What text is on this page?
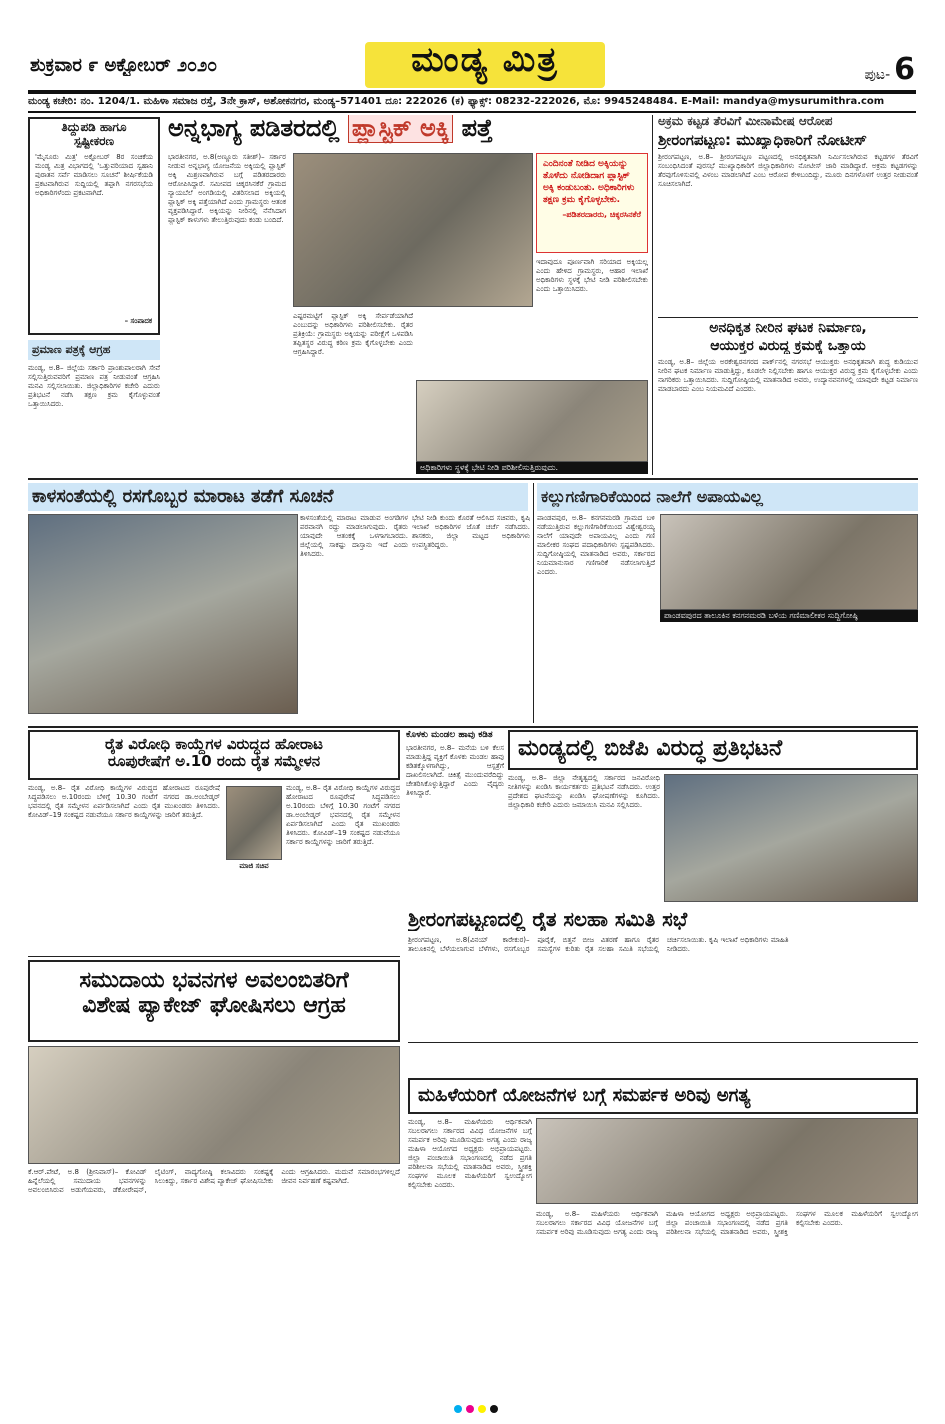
ಶುಕ್ರವಾರ ೯ ಅಕ್ಟೋಬರ್ ೨೦೨೦	ಮಂಡ್ಯ ಮಿತ್ರ	ಪುಟ- 6
ಮಂಡ್ಯ ಕಚೇರಿ: ನಂ. 1204/1. ಮಹಿಳಾ ಸಮಾಜ ರಸ್ತೆ, 3ನೇ ಕ್ರಾಸ್, ಅಶೋಕನಗರ, ಮಂಡ್ಯ–571401 ದೂ: 222026 (ಕ) ಫ್ಯಾಕ್ಸ್: 08232-222026, ಮೊ: 9945248484. E-Mail: mandya@mysurumithra.com
ತಿದ್ದುಪಡಿ ಹಾಗೂ
ಸ್ಪಷ್ಟೀಕರಣ
'ಮೈಸೂರು ಮಿತ್ರ' ಅಕ್ಟೋಬರ್ 8ರ ಸಂಚಿಕೆಯ ಮಂಡ್ಯ ಮಿತ್ರ ವಿಭಾಗದಲ್ಲಿ 'ಒತ್ತುವರಿಯಾದ ಸ್ವಹಾನಿ ಪುರಾತನ ಸರ್ವೆ ಮಾಡಿಸಲು ಸೂಚನೆ' ಶೀರ್ಷಿಕೆಯಡಿ ಪ್ರಕಟವಾಗಿರುವ ಸುದ್ದಿಯಲ್ಲಿ ತಪ್ಪಾಗಿ ನಗರಸಭೆಯ ಅಧಿಕಾರಿಗಳೆಂದು ಪ್ರಕಟವಾಗಿದೆ.
– ಸಂಪಾದಕ
ಪ್ರಮಾಣ ಪತ್ರಕ್ಕೆ ಆಗ್ರಹ
ಮಂಡ್ಯ, ಅ.8– ಜಿಲ್ಲೆಯ ಸರ್ಕಾರಿ ಪ್ರಾಂಶುಪಾಲರಾಗಿ ಸೇವೆ ಸಲ್ಲಿಸುತ್ತಿರುವವರಿಗೆ ಪ್ರಮಾಣ ಪತ್ರ ನೀಡುವಂತೆ ಆಗ್ರಹಿಸಿ ಮನವಿ ಸಲ್ಲಿಸಲಾಯಿತು. ಜಿಲ್ಲಾಧಿಕಾರಿಗಳ ಕಚೇರಿ ಎದುರು ಪ್ರತಿಭಟನೆ ನಡೆಸಿ ತಕ್ಷಣ ಕ್ರಮ ಕೈಗೊಳ್ಳುವಂತೆ ಒತ್ತಾಯಿಸಿದರು.
ಅನ್ನಭಾಗ್ಯ ಪಡಿತರದಲ್ಲಿ ಪ್ಲಾಸ್ಟಿಕ್ ಅಕ್ಕಿ ಪತ್ತೆ
ಭಾರತೀನಗರ, ಅ.8(ಅಣ್ಣೂರು ಸತೀಶ್)– ಸರ್ಕಾರ ನೀಡುವ ಅನ್ನಭಾಗ್ಯ ಯೋಜನೆಯ ಅಕ್ಕಿಯಲ್ಲಿ ಪ್ಲಾಸ್ಟಿಕ್ ಅಕ್ಕಿ ಮಿಶ್ರಣವಾಗಿರುವ ಬಗ್ಗೆ ಪಡಿತರದಾರರು ಆರೋಪಿಸಿದ್ದಾರೆ. ಸಮೀಪದ ಚಿಕ್ಕರಸಿನಕೆರೆ ಗ್ರಾಮದ ನ್ಯಾಯಬೆಲೆ ಅಂಗಡಿಯಲ್ಲಿ ವಿತರಿಸಲಾದ ಅಕ್ಕಿಯಲ್ಲಿ ಪ್ಲಾಸ್ಟಿಕ್ ಅಕ್ಕಿ ಪತ್ತೆಯಾಗಿದೆ ಎಂದು ಗ್ರಾಮಸ್ಥರು ಆತಂಕ ವ್ಯಕ್ತಪಡಿಸಿದ್ದಾರೆ. ಅಕ್ಕಿಯನ್ನು ನೀರಿನಲ್ಲಿ ನೆನೆಸಿದಾಗ ಪ್ಲಾಸ್ಟಿಕ್ ಕಾಳುಗಳು ತೇಲುತ್ತಿರುವುದು ಕಂಡು ಬಂದಿದೆ.
ಎಂದಿನಂತೆ ನೀಡಿದ ಅಕ್ಕಿಯನ್ನು ತೊಳೆದು ನೋಡಿದಾಗ ಪ್ಲಾಸ್ಟಿಕ್ ಅಕ್ಕಿ ಕಂಡುಬಂತು. ಅಧಿಕಾರಿಗಳು ತಕ್ಷಣ ಕ್ರಮ ಕೈಗೊಳ್ಳಬೇಕು.
–ಪಡಿತರದಾರರು, ಚಿಕ್ಕರಸಿನಕೆರೆ
ಇದಾವುದೂ ಪೂರ್ಣವಾಗಿ ಸರಿಯಾದ ಅಕ್ಕಿಯಲ್ಲ ಎಂದು ಹೇಳಿದ ಗ್ರಾಮಸ್ಥರು, ಆಹಾರ ಇಲಾಖೆ ಅಧಿಕಾರಿಗಳು ಸ್ಥಳಕ್ಕೆ ಭೇಟಿ ನೀಡಿ ಪರಿಶೀಲಿಸಬೇಕು ಎಂದು ಒತ್ತಾಯಿಸಿದರು.
ಎಷ್ಟರಮಟ್ಟಿಗೆ ಪ್ಲಾಸ್ಟಿಕ್ ಅಕ್ಕಿ ಸೇರ್ಪಡೆಯಾಗಿದೆ ಎಂಬುದನ್ನು ಅಧಿಕಾರಿಗಳು ಪರಿಶೀಲಿಸಬೇಕು. ರೈತರ ಪ್ರತಿಕ್ರಿಯೆ: ಗ್ರಾಮಸ್ಥರು ಅಕ್ಕಿಯನ್ನು ಪರೀಕ್ಷೆಗೆ ಒಳಪಡಿಸಿ ತಪ್ಪಿತಸ್ಥರ ವಿರುದ್ಧ ಕಠಿಣ ಕ್ರಮ ಕೈಗೊಳ್ಳಬೇಕು ಎಂದು ಆಗ್ರಹಿಸಿದ್ದಾರೆ.
ಅಧಿಕಾರಿಗಳು ಸ್ಥಳಕ್ಕೆ ಭೇಟಿ ನೀಡಿ ಪರಿಶೀಲಿಸುತ್ತಿರುವುದು.
ಅಕ್ರಮ ಕಟ್ಟಡ ತೆರವಿಗೆ ಮೀನಾಮೇಷ ಆರೋಪ
ಶ್ರೀರಂಗಪಟ್ಟಣ: ಮುಖ್ಯಾಧಿಕಾರಿಗೆ ನೋಟೀಸ್
ಶ್ರೀರಂಗಪಟ್ಟಣ, ಅ.8– ಶ್ರೀರಂಗಪಟ್ಟಣ ಪಟ್ಟಣದಲ್ಲಿ ಅನಧಿಕೃತವಾಗಿ ನಿರ್ಮಿಸಲಾಗಿರುವ ಕಟ್ಟಡಗಳ ತೆರವಿಗೆ ಸಂಬಂಧಿಸಿದಂತೆ ಪುರಸಭೆ ಮುಖ್ಯಾಧಿಕಾರಿಗೆ ಜಿಲ್ಲಾಧಿಕಾರಿಗಳು ನೋಟೀಸ್ ಜಾರಿ ಮಾಡಿದ್ದಾರೆ. ಅಕ್ರಮ ಕಟ್ಟಡಗಳನ್ನು ತೆರವುಗೊಳಿಸುವಲ್ಲಿ ವಿಳಂಬ ಮಾಡಲಾಗಿದೆ ಎಂಬ ಆರೋಪ ಕೇಳಿಬಂದಿದ್ದು, ಮೂರು ದಿನಗಳೊಳಗೆ ಉತ್ತರ ನೀಡುವಂತೆ ಸೂಚಿಸಲಾಗಿದೆ.
ಅನಧಿಕೃತ ನೀರಿನ ಘಟಕ ನಿರ್ಮಾಣ,
ಆಯುಕ್ತರ ವಿರುದ್ಧ ಕ್ರಮಕ್ಕೆ ಒತ್ತಾಯ
ಮಂಡ್ಯ, ಅ.8– ಜಿಲ್ಲೆಯ ಅರಕೇಶ್ವರನಗರದ ಪಾರ್ಕ್‌ನಲ್ಲಿ ನಗರಸಭೆ ಆಯುಕ್ತರು ಅನಧಿಕೃತವಾಗಿ ಶುದ್ಧ ಕುಡಿಯುವ ನೀರಿನ ಘಟಕ ನಿರ್ಮಾಣ ಮಾಡುತ್ತಿದ್ದು, ಕೂಡಲೇ ನಿಲ್ಲಿಸಬೇಕು ಹಾಗೂ ಆಯುಕ್ತರ ವಿರುದ್ಧ ಕ್ರಮ ಕೈಗೊಳ್ಳಬೇಕು ಎಂದು ನಾಗರಿಕರು ಒತ್ತಾಯಿಸಿದರು. ಸುದ್ದಿಗೋಷ್ಠಿಯಲ್ಲಿ ಮಾತನಾಡಿದ ಅವರು, ಉದ್ಯಾನವನಗಳಲ್ಲಿ ಯಾವುದೇ ಕಟ್ಟಡ ನಿರ್ಮಾಣ ಮಾಡಬಾರದು ಎಂಬ ನಿಯಮವಿದೆ ಎಂದರು.
ಕಾಳಸಂತೆಯಲ್ಲಿ ರಸಗೊಬ್ಬರ ಮಾರಾಟ ತಡೆಗೆ ಸೂಚನೆ
ಕಾಳಸಂತೆಯಲ್ಲಿ ಮಾರಾಟ ಮಾಡುವ ಅಂಗಡಿಗಳ ಪರವಾನಗಿ ರದ್ದು ಮಾಡಲಾಗುವುದು. ರೈತರು ಯಾವುದೇ ಆತಂಕಕ್ಕೆ ಒಳಗಾಗಬಾರದು. ಜಿಲ್ಲೆಯಲ್ಲಿ ಸಾಕಷ್ಟು ದಾಸ್ತಾನು ಇದೆ ಎಂದು ತಿಳಿಸಿದರು.
ಭೇಟಿ ನೀಡಿ ಕುಂದು ಕೊರತೆ ಆಲಿಸಿದ ಸಚಿವರು, ಕೃಷಿ ಇಲಾಖೆ ಅಧಿಕಾರಿಗಳ ಜೊತೆ ಚರ್ಚೆ ನಡೆಸಿದರು. ಶಾಸಕರು, ಜಿಲ್ಲಾ ಮಟ್ಟದ ಅಧಿಕಾರಿಗಳು ಉಪಸ್ಥಿತರಿದ್ದರು.
ಕಲ್ಲುಗಣಿಗಾರಿಕೆಯಿಂದ ನಾಲೆಗೆ ಅಪಾಯವಿಲ್ಲ
ಪಾಂಡವಪುರ, ಅ.8– ಕನಗನಮರಡಿ ಗ್ರಾಮದ ಬಳಿ ನಡೆಯುತ್ತಿರುವ ಕಲ್ಲುಗಣಿಗಾರಿಕೆಯಿಂದ ವಿಶ್ವೇಶ್ವರಯ್ಯ ನಾಲೆಗೆ ಯಾವುದೇ ಅಪಾಯವಿಲ್ಲ ಎಂದು ಗಣಿ ಮಾಲೀಕರ ಸಂಘದ ಪದಾಧಿಕಾರಿಗಳು ಸ್ಪಷ್ಟಪಡಿಸಿದರು. ಸುದ್ದಿಗೋಷ್ಠಿಯಲ್ಲಿ ಮಾತನಾಡಿದ ಅವರು, ಸರ್ಕಾರದ ನಿಯಮಾನುಸಾರ ಗಣಿಗಾರಿಕೆ ನಡೆಸಲಾಗುತ್ತಿದೆ ಎಂದರು.
ಪಾಂಡವಪುರದ ತಾಲೂಕಿನ ಕನಗನಮರಡಿ ಬಳಿಯ ಗಣಿಮಾಲೀಕರ ಸುದ್ದಿಗೋಷ್ಠಿ
ರೈತ ವಿರೋಧಿ ಕಾಯ್ದೆಗಳ ವಿರುದ್ಧದ ಹೋರಾಟ
ರೂಪುರೇಷೆಗೆ ಅ.10 ರಂದು ರೈತ ಸಮ್ಮೇಳನ
ಮಂಡ್ಯ, ಅ.8– ರೈತ ವಿರೋಧಿ ಕಾಯ್ದೆಗಳ ವಿರುದ್ಧದ ಹೋರಾಟದ ರೂಪುರೇಷೆ ಸಿದ್ಧಪಡಿಸಲು ಅ.10ರಂದು ಬೆಳಿಗ್ಗೆ 10.30 ಗಂಟೆಗೆ ನಗರದ ಡಾ.ಅಂಬೇಡ್ಕರ್ ಭವನದಲ್ಲಿ ರೈತ ಸಮ್ಮೇಳನ ಏರ್ಪಡಿಸಲಾಗಿದೆ ಎಂದು ರೈತ ಮುಖಂಡರು ತಿಳಿಸಿದರು. ಕೋವಿಡ್–19 ಸಂಕಷ್ಟದ ನಡುವೆಯೂ ಸರ್ಕಾರ ಕಾಯ್ದೆಗಳನ್ನು ಜಾರಿಗೆ ತರುತ್ತಿದೆ.
ಮಾಜಿ ಸಚಿವ
ಮಂಡ್ಯ, ಅ.8– ರೈತ ವಿರೋಧಿ ಕಾಯ್ದೆಗಳ ವಿರುದ್ಧದ ಹೋರಾಟದ ರೂಪುರೇಷೆ ಸಿದ್ಧಪಡಿಸಲು ಅ.10ರಂದು ಬೆಳಿಗ್ಗೆ 10.30 ಗಂಟೆಗೆ ನಗರದ ಡಾ.ಅಂಬೇಡ್ಕರ್ ಭವನದಲ್ಲಿ ರೈತ ಸಮ್ಮೇಳನ ಏರ್ಪಡಿಸಲಾಗಿದೆ ಎಂದು ರೈತ ಮುಖಂಡರು ತಿಳಿಸಿದರು. ಕೋವಿಡ್–19 ಸಂಕಷ್ಟದ ನಡುವೆಯೂ ಸರ್ಕಾರ ಕಾಯ್ದೆಗಳನ್ನು ಜಾರಿಗೆ ತರುತ್ತಿದೆ.
ಕೊಳಕು ಮಂಡಲ ಹಾವು ಕಡಿತ
ಭಾರತೀನಗರ, ಅ.8– ಮನೆಯ ಬಳಿ ಕೆಲಸ ಮಾಡುತ್ತಿದ್ದ ವ್ಯಕ್ತಿಗೆ ಕೊಳಕು ಮಂಡಲ ಹಾವು ಕಡಿತಕ್ಕೊಳಗಾಗಿದ್ದು, ಆಸ್ಪತ್ರೆಗೆ ದಾಖಲಿಸಲಾಗಿದೆ. ಚಿಕಿತ್ಸೆ ಮುಂದುವರೆದಿದ್ದು ಚೇತರಿಸಿಕೊಳ್ಳುತ್ತಿದ್ದಾರೆ ಎಂದು ವೈದ್ಯರು ತಿಳಿಸಿದ್ದಾರೆ.
ಮಂಡ್ಯದಲ್ಲಿ ಬಿಜೆಪಿ ವಿರುದ್ಧ ಪ್ರತಿಭಟನೆ
ಮಂಡ್ಯ, ಅ.8– ಜಿಲ್ಲಾ ನೇತೃತ್ವದಲ್ಲಿ ಸರ್ಕಾರದ ಜನವಿರೋಧಿ ನೀತಿಗಳನ್ನು ಖಂಡಿಸಿ ಕಾರ್ಯಕರ್ತರು ಪ್ರತಿಭಟನೆ ನಡೆಸಿದರು. ಉತ್ತರ ಪ್ರದೇಶದ ಘಟನೆಯನ್ನು ಖಂಡಿಸಿ ಘೋಷಣೆಗಳನ್ನು ಕೂಗಿದರು. ಜಿಲ್ಲಾಧಿಕಾರಿ ಕಚೇರಿ ಎದುರು ಜಮಾಯಿಸಿ ಮನವಿ ಸಲ್ಲಿಸಿದರು.
ಶ್ರೀರಂಗಪಟ್ಟಣದಲ್ಲಿ ರೈತ ಸಲಹಾ ಸಮಿತಿ ಸಭೆ
ಶ್ರೀರಂಗಪಟ್ಟಣ, ಅ.8(ವಿನಯ್ ಕಾರೇಕುರ)– ತಾಲೂಕಿನಲ್ಲಿ ಬೆಳೆಯಲಾಗುವ ಬೆಳೆಗಳು, ರಸಗೊಬ್ಬರ ಪೂರೈಕೆ, ಬಿತ್ತನೆ ಬೀಜ ವಿತರಣೆ ಹಾಗೂ ರೈತರ ಸಮಸ್ಯೆಗಳ ಕುರಿತು ರೈತ ಸಲಹಾ ಸಮಿತಿ ಸಭೆಯಲ್ಲಿ ಚರ್ಚಿಸಲಾಯಿತು. ಕೃಷಿ ಇಲಾಖೆ ಅಧಿಕಾರಿಗಳು ಮಾಹಿತಿ ನೀಡಿದರು.
ಸಮುದಾಯ ಭವನಗಳ ಅವಲಂಬಿತರಿಗೆ
ವಿಶೇಷ ಪ್ಯಾಕೇಜ್ ಘೋಷಿಸಲು ಆಗ್ರಹ
ಕೆ.ಆರ್.ಪೇಟೆ, ಅ.8 (ಶ್ರೀನಿವಾಸ್)– ಕೋವಿಡ್ ಹಿನ್ನೆಲೆಯಲ್ಲಿ ಸಮುದಾಯ ಭವನಗಳನ್ನು ಅವಲಂಬಿಸಿರುವ ಅಡುಗೆಯವರು, ಡೆಕೋರೇಷನ್, ಲೈಟಿಂಗ್, ವಾದ್ಯಗೋಷ್ಠಿ ಕಲಾವಿದರು ಸಂಕಷ್ಟಕ್ಕೆ ಸಿಲುಕಿದ್ದು, ಸರ್ಕಾರ ವಿಶೇಷ ಪ್ಯಾಕೇಜ್ ಘೋಷಿಸಬೇಕು ಎಂದು ಆಗ್ರಹಿಸಿದರು. ಮದುವೆ ಸಮಾರಂಭಗಳಿಲ್ಲದೆ ಜೀವನ ನಿರ್ವಹಣೆ ಕಷ್ಟವಾಗಿದೆ.
ಮಹಿಳೆಯರಿಗೆ ಯೋಜನೆಗಳ ಬಗ್ಗೆ ಸಮರ್ಪಕ ಅರಿವು ಅಗತ್ಯ
ಮಂಡ್ಯ, ಅ.8– ಮಹಿಳೆಯರು ಆರ್ಥಿಕವಾಗಿ ಸಬಲರಾಗಲು ಸರ್ಕಾರದ ವಿವಿಧ ಯೋಜನೆಗಳ ಬಗ್ಗೆ ಸಮರ್ಪಕ ಅರಿವು ಮೂಡಿಸುವುದು ಅಗತ್ಯ ಎಂದು ರಾಜ್ಯ ಮಹಿಳಾ ಆಯೋಗದ ಅಧ್ಯಕ್ಷರು ಅಭಿಪ್ರಾಯಪಟ್ಟರು. ಜಿಲ್ಲಾ ಪಂಚಾಯಿತಿ ಸಭಾಂಗಣದಲ್ಲಿ ನಡೆದ ಪ್ರಗತಿ ಪರಿಶೀಲನಾ ಸಭೆಯಲ್ಲಿ ಮಾತನಾಡಿದ ಅವರು, ಸ್ತ್ರೀಶಕ್ತಿ ಸಂಘಗಳ ಮೂಲಕ ಮಹಿಳೆಯರಿಗೆ ಸ್ವಉದ್ಯೋಗ ಕಲ್ಪಿಸಬೇಕು ಎಂದರು.
ಮಂಡ್ಯ, ಅ.8– ಮಹಿಳೆಯರು ಆರ್ಥಿಕವಾಗಿ ಸಬಲರಾಗಲು ಸರ್ಕಾರದ ವಿವಿಧ ಯೋಜನೆಗಳ ಬಗ್ಗೆ ಸಮರ್ಪಕ ಅರಿವು ಮೂಡಿಸುವುದು ಅಗತ್ಯ ಎಂದು ರಾಜ್ಯ ಮಹಿಳಾ ಆಯೋಗದ ಅಧ್ಯಕ್ಷರು ಅಭಿಪ್ರಾಯಪಟ್ಟರು. ಜಿಲ್ಲಾ ಪಂಚಾಯಿತಿ ಸಭಾಂಗಣದಲ್ಲಿ ನಡೆದ ಪ್ರಗತಿ ಪರಿಶೀಲನಾ ಸಭೆಯಲ್ಲಿ ಮಾತನಾಡಿದ ಅವರು, ಸ್ತ್ರೀಶಕ್ತಿ ಸಂಘಗಳ ಮೂಲಕ ಮಹಿಳೆಯರಿಗೆ ಸ್ವಉದ್ಯೋಗ ಕಲ್ಪಿಸಬೇಕು ಎಂದರು.
